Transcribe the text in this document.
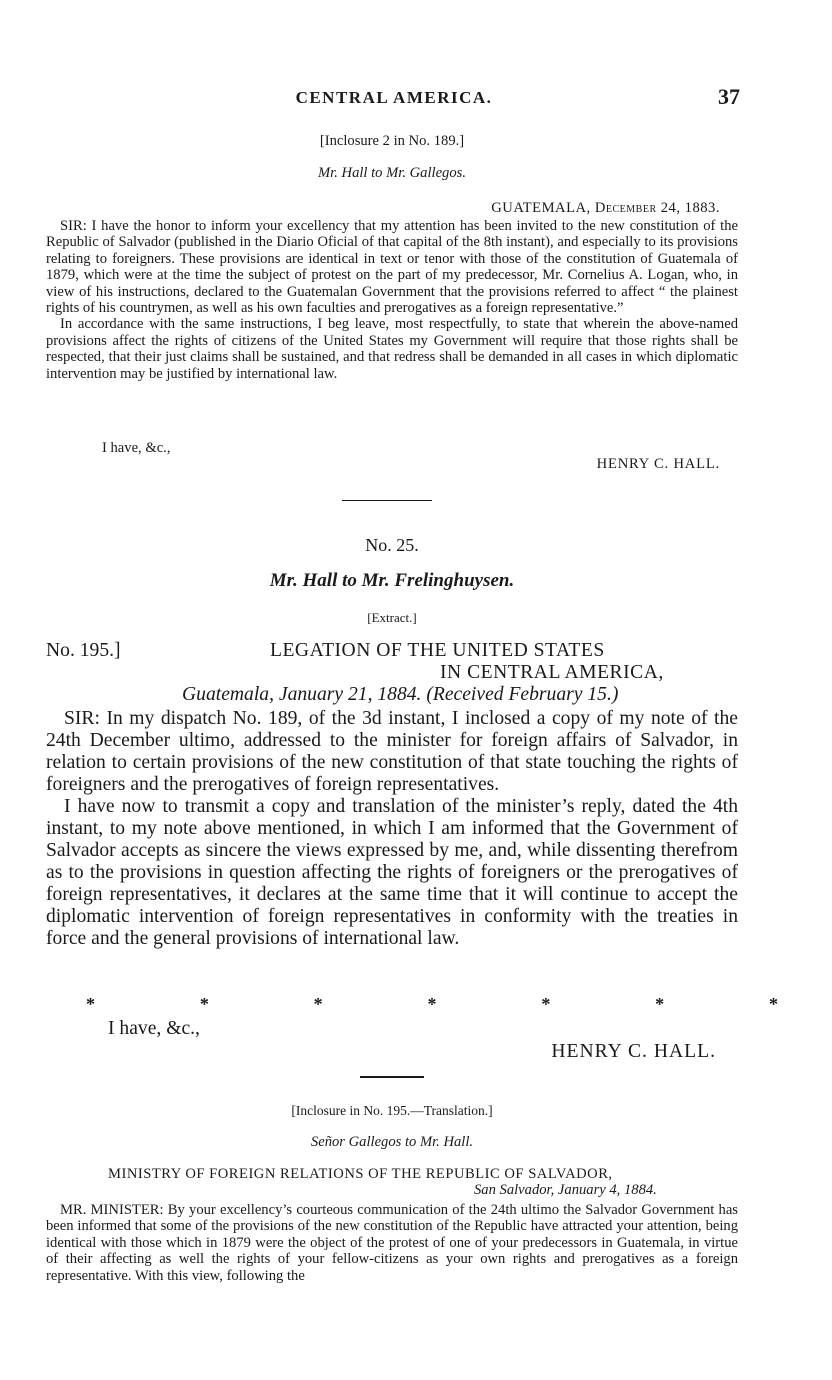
CENTRAL AMERICA.	37
[Inclosure 2 in No. 189.]
Mr. Hall to Mr. Gallegos.
GUATEMALA, December 24, 1883.

SIR: I have the honor to inform your excellency that my attention has been invited to the new constitution of the Republic of Salvador (published in the Diario Oficial of that capital of the 8th instant), and especially to its provisions relating to foreigners. These provisions are identical in text or tenor with those of the constitution of Guatemala of 1879, which were at the time the subject of protest on the part of my predecessor, Mr. Cornelius A. Logan, who, in view of his instructions, declared to the Guatemalan Government that the provisions referred to affect “ the plainest rights of his countrymen, as well as his own faculties and prerogatives as a foreign representative.”

In accordance with the same instructions, I beg leave, most respectfully, to state that wherein the above-named provisions affect the rights of citizens of the United States my Government will require that those rights shall be respected, that their just claims shall be sustained, and that redress shall be demanded in all cases in which diplomatic intervention may be justified by international law.

I have, &c.,
HENRY C. HALL.
No. 25.
Mr. Hall to Mr. Frelinghuysen.
[Extract.]
No. 195.]	LEGATION OF THE UNITED STATES
IN CENTRAL AMERICA,
Guatemala, January 21, 1884. (Received February 15.)

SIR: In my dispatch No. 189, of the 3d instant, I inclosed a copy of my note of the 24th December ultimo, addressed to the minister for foreign affairs of Salvador, in relation to certain provisions of the new constitution of that state touching the rights of foreigners and the prerogatives of foreign representatives.

I have now to transmit a copy and translation of the minister’s reply, dated the 4th instant, to my note above mentioned, in which I am informed that the Government of Salvador accepts as sincere the views expressed by me, and, while dissenting therefrom as to the provisions in question affecting the rights of foreigners or the prerogatives of foreign representatives, it declares at the same time that it will continue to accept the diplomatic intervention of foreign representatives in conformity with the treaties in force and the general provisions of international law.

*	*	*	*	*	*	*
I have, &c.,
HENRY C. HALL.
[Inclosure in No. 195.—Translation.]
Señor Gallegos to Mr. Hall.
MINISTRY OF FOREIGN RELATIONS OF THE REPUBLIC OF SALVADOR,
San Salvador, January 4, 1884.

MR. MINISTER: By your excellency’s courteous communication of the 24th ultimo the Salvador Government has been informed that some of the provisions of the new constitution of the Republic have attracted your attention, being identical with those which in 1879 were the object of the protest of one of your predecessors in Guatemala, in virtue of their affecting as well the rights of your fellow-citizens as your own rights and prerogatives as a foreign representative. With this view, following the
